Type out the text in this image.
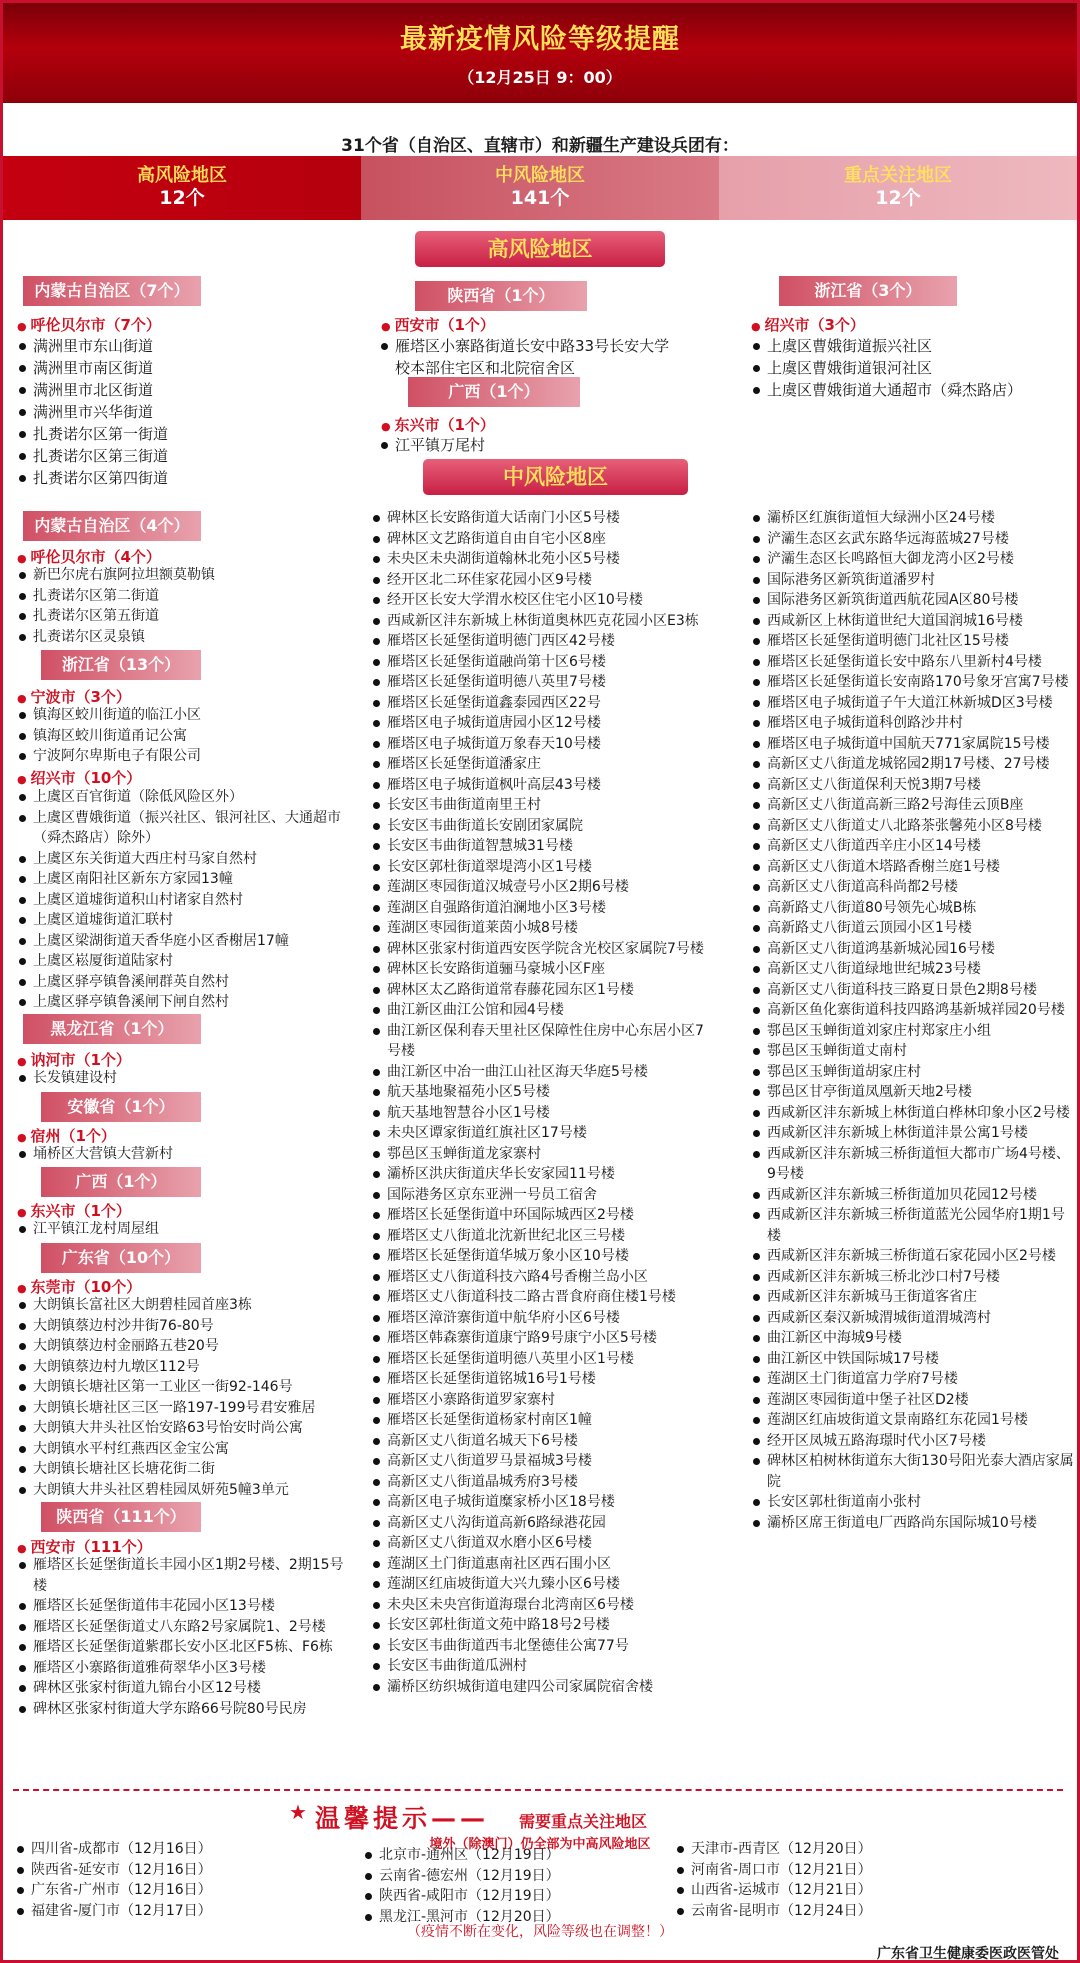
最新疫情风险等级提醒
（12月25日 9：00）
31个省（自治区、直辖市）和新疆生产建设兵团有：
高风险地区
12个
中风险地区
141个
重点关注地区
12个
高风险地区
内蒙古自治区（7个）
● 呼伦贝尔市（7个）
满洲里市东山街道
满洲里市南区街道
满洲里市北区街道
满洲里市兴华街道
扎赉诺尔区第一街道
扎赉诺尔区第三街道
扎赉诺尔区第四街道
陕西省（1个）
● 西安市（1个）
雁塔区小寨路街道长安中路33号长安大学校本部住宅区和北院宿舍区
广西（1个）
● 东兴市（1个）
江平镇万尾村
浙江省（3个）
● 绍兴市（3个）
上虞区曹娥街道振兴社区
上虞区曹娥街道银河社区
上虞区曹娥街道大通超市（舜杰路店）
中风险地区
内蒙古自治区（4个）
● 呼伦贝尔市（4个）
新巴尔虎右旗阿拉坦额莫勒镇
扎赉诺尔区第二街道
扎赉诺尔区第五街道
扎赉诺尔区灵泉镇
浙江省（13个）
● 宁波市（3个）
镇海区蛟川街道的临江小区
镇海区蛟川街道甬记公寓
宁波阿尔卑斯电子有限公司
● 绍兴市（10个）
上虞区百官街道（除低风险区外）
上虞区曹娥街道（振兴社区、银河社区、大通超市（舜杰路店）除外）
上虞区东关街道大西庄村马家自然村
上虞区南阳社区新东方家园13幢
上虞区道墟街道积山村诸家自然村
上虞区道墟街道汇联村
上虞区梁湖街道天香华庭小区香榭居17幢
上虞区崧厦街道陆家村
上虞区驿亭镇鲁溪闸群英自然村
上虞区驿亭镇鲁溪闸下闸自然村
黑龙江省（1个）
● 讷河市（1个）
长发镇建设村
安徽省（1个）
● 宿州（1个）
埇桥区大营镇大营新村
广西（1个）
● 东兴市（1个）
江平镇江龙村周屋组
广东省（10个）
● 东莞市（10个）
大朗镇长富社区大朗碧桂园首座3栋
大朗镇蔡边村沙井街76-80号
大朗镇蔡边村金丽路五巷20号
大朗镇蔡边村九墩区112号
大朗镇长塘社区第一工业区一街92-146号
大朗镇长塘社区三区一路197-199号君安雅居
大朗镇大井头社区怡安路63号怡安时尚公寓
大朗镇水平村红燕西区金宝公寓
大朗镇长塘社区长塘花街二街
大朗镇大井头社区碧桂园凤妍苑5幢3单元
陕西省（111个）
● 西安市（111个）
雁塔区长延堡街道长丰园小区1期2号楼、2期15号楼
雁塔区长延堡街道伟丰花园小区13号楼
雁塔区长延堡街道丈八东路2号家属院1、2号楼
雁塔区长延堡街道紫郡长安小区北区F5栋、F6栋
雁塔区小寨路街道雅荷翠华小区3号楼
碑林区张家村街道九锦台小区12号楼
碑林区张家村街道大学东路66号院80号民房
碑林区长安路街道大话南门小区5号楼
碑林区文艺路街道自由自宅小区8座
未央区未央湖街道翰林北苑小区5号楼
经开区北二环佳家花园小区9号楼
经开区长安大学渭水校区住宅小区10号楼
西咸新区沣东新城上林街道奥林匹克花园小区E3栋
雁塔区长延堡街道明德门西区42号楼
雁塔区长延堡街道融尚第十区6号楼
雁塔区长延堡街道明德八英里7号楼
雁塔区长延堡街道鑫泰园西区22号
雁塔区电子城街道唐园小区12号楼
雁塔区电子城街道万象春天10号楼
雁塔区长延堡街道潘家庄
雁塔区电子城街道枫叶高层43号楼
长安区韦曲街道南里王村
长安区韦曲街道长安剧团家属院
长安区韦曲街道智慧城31号楼
长安区郭杜街道翠堤湾小区1号楼
莲湖区枣园街道汉城壹号小区2期6号楼
莲湖区自强路街道泊澜地小区3号楼
莲湖区枣园街道莱茵小城8号楼
碑林区张家村街道西安医学院含光校区家属院7号楼
碑林区长安路街道骊马豪城小区F座
碑林区太乙路街道常春藤花园东区1号楼
曲江新区曲江公馆和园4号楼
曲江新区保利春天里社区保障性住房中心东居小区7号楼
曲江新区中冶一曲江山社区海天华庭5号楼
航天基地聚福苑小区5号楼
航天基地智慧谷小区1号楼
未央区谭家街道红旗社区17号楼
鄠邑区玉蝉街道龙家寨村
灞桥区洪庆街道庆华长安家园11号楼
国际港务区京东亚洲一号员工宿舍
雁塔区长延堡街道中环国际城西区2号楼
雁塔区丈八街道北沈新世纪北区三号楼
雁塔区长延堡街道华城万象小区10号楼
雁塔区丈八街道科技六路4号香榭兰岛小区
雁塔区丈八街道科技二路古晋食府商住楼1号楼
雁塔区漳浒寨街道中航华府小区6号楼
雁塔区韩森寨街道康宁路9号康宁小区5号楼
雁塔区长延堡街道明德八英里小区1号楼
雁塔区长延堡街道铭城16号1号楼
雁塔区小寨路街道罗家寨村
雁塔区长延堡街道杨家村南区1幢
高新区丈八街道名城天下6号楼
高新区丈八街道罗马景福城3号楼
高新区丈八街道晶城秀府3号楼
高新区电子城街道糜家桥小区18号楼
高新区丈八沟街道高新6路绿港花园
高新区丈八街道双水磨小区6号楼
莲湖区土门街道惠南社区西石围小区
莲湖区红庙坡街道大兴九臻小区6号楼
未央区未央宫街道海璟台北湾南区6号楼
长安区郭杜街道文苑中路18号2号楼
长安区韦曲街道西韦北堡德佳公寓77号
长安区韦曲街道瓜洲村
灞桥区纺织城街道电建四公司家属院宿舍楼
灞桥区红旗街道恒大绿洲小区24号楼
浐灞生态区玄武东路华远海蓝城27号楼
浐灞生态区长鸣路恒大御龙湾小区2号楼
国际港务区新筑街道潘罗村
国际港务区新筑街道西航花园A区80号楼
西咸新区上林街道世纪大道国润城16号楼
雁塔区长延堡街道明德门北社区15号楼
雁塔区长延堡街道长安中路东八里新村4号楼
雁塔区长延堡街道长安南路170号象牙宫寓7号楼
雁塔区电子城街道子午大道江林新城D区3号楼
雁塔区电子城街道科创路沙井村
雁塔区电子城街道中国航天771家属院15号楼
高新区丈八街道龙城铭园2期17号楼、27号楼
高新区丈八街道保利天悦3期7号楼
高新区丈八街道高新三路2号海佳云顶B座
高新区丈八街道丈八北路茶张馨苑小区8号楼
高新区丈八街道西辛庄小区14号楼
高新区丈八街道木塔路香榭兰庭1号楼
高新区丈八街道高科尚都2号楼
高新路丈八街道80号领先心城B栋
高新路丈八街道云顶园小区1号楼
高新区丈八街道鸿基新城沁园16号楼
高新区丈八街道绿地世纪城23号楼
高新区丈八街道科技三路夏日景色2期8号楼
高新区鱼化寨街道科技四路鸿基新城祥园20号楼
鄠邑区玉蝉街道刘家庄村郑家庄小组
鄠邑区玉蝉街道丈南村
鄠邑区玉蝉街道胡家庄村
鄠邑区甘亭街道凤凰新天地2号楼
西咸新区沣东新城上林街道白桦林印象小区2号楼
西咸新区沣东新城上林街道沣景公寓1号楼
西咸新区沣东新城三桥街道恒大都市广场4号楼、9号楼
西咸新区沣东新城三桥街道加贝花园12号楼
西咸新区沣东新城三桥街道蓝光公园华府1期1号楼
西咸新区沣东新城三桥街道石家花园小区2号楼
西咸新区沣东新城三桥北沙口村7号楼
西咸新区沣东新城马王街道客省庄
西咸新区秦汉新城渭城街道渭城湾村
曲江新区中海城9号楼
曲江新区中铁国际城17号楼
莲湖区土门街道富力学府7号楼
莲湖区枣园街道中堡子社区D2楼
莲湖区红庙坡街道文景南路红东花园1号楼
经开区凤城五路海璟时代小区7号楼
碑林区柏树林街道东大街130号阳光泰大酒店家属院
长安区郭杜街道南小张村
灞桥区席王街道电厂西路尚东国际城10号楼
★ 温馨提示—— 需要重点关注地区
境外（除澳门）仍全部为中高风险地区
四川省-成都市（12月16日）
陕西省-延安市（12月16日）
广东省-广州市（12月16日）
福建省-厦门市（12月17日）
北京市-通州区（12月19日）
云南省-德宏州（12月19日）
陕西省-咸阳市（12月19日）
黑龙江-黑河市（12月20日）
天津市-西青区（12月20日）
河南省-周口市（12月21日）
山西省-运城市（12月21日）
云南省-昆明市（12月24日）
（疫情不断在变化，风险等级也在调整！）
广东省卫生健康委医政医管处
